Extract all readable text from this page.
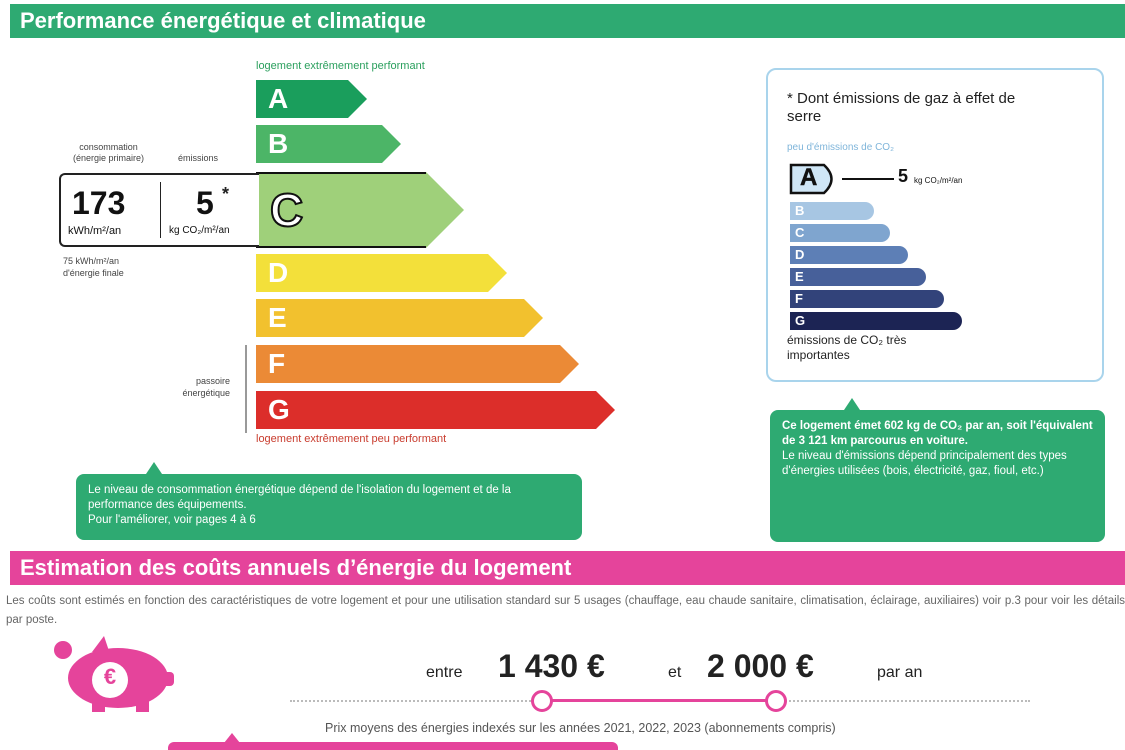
Performance énergétique et climatique
logement extrêmement performant
A
B
C
D
E
F
G
logement extrêmement peu performant
consommation
(énergie primaire)	émissions
173
kWh/m²/an
5 *
kg CO₂/m²/an
75 kWh/m²/an
d'énergie finale
passoire
énergétique
Le niveau de consommation énergétique dépend de l'isolation du logement et de la performance des équipements.
Pour l'améliorer, voir pages 4 à 6
* Dont émissions de gaz à effet de serre
peu d'émissions de CO₂
A	5 kg CO₂/m²/an
B
C
D
E
F
G
émissions de CO₂ très importantes
Ce logement émet 602 kg de CO₂ par an, soit l'équivalent de 3 121 km parcourus en voiture.
Le niveau d'émissions dépend principalement des types d'énergies utilisées (bois, électricité, gaz, fioul, etc.)
Estimation des coûts annuels d’énergie du logement
Les coûts sont estimés en fonction des caractéristiques de votre logement et pour une utilisation standard sur 5 usages (chauffage, eau chaude sanitaire, climatisation, éclairage, auxiliaires) voir p.3 pour voir les détails par poste.
€	entre 1 430 €	et 2 000 €	par an
Prix moyens des énergies indexés sur les années 2021, 2022, 2023 (abonnements compris)
